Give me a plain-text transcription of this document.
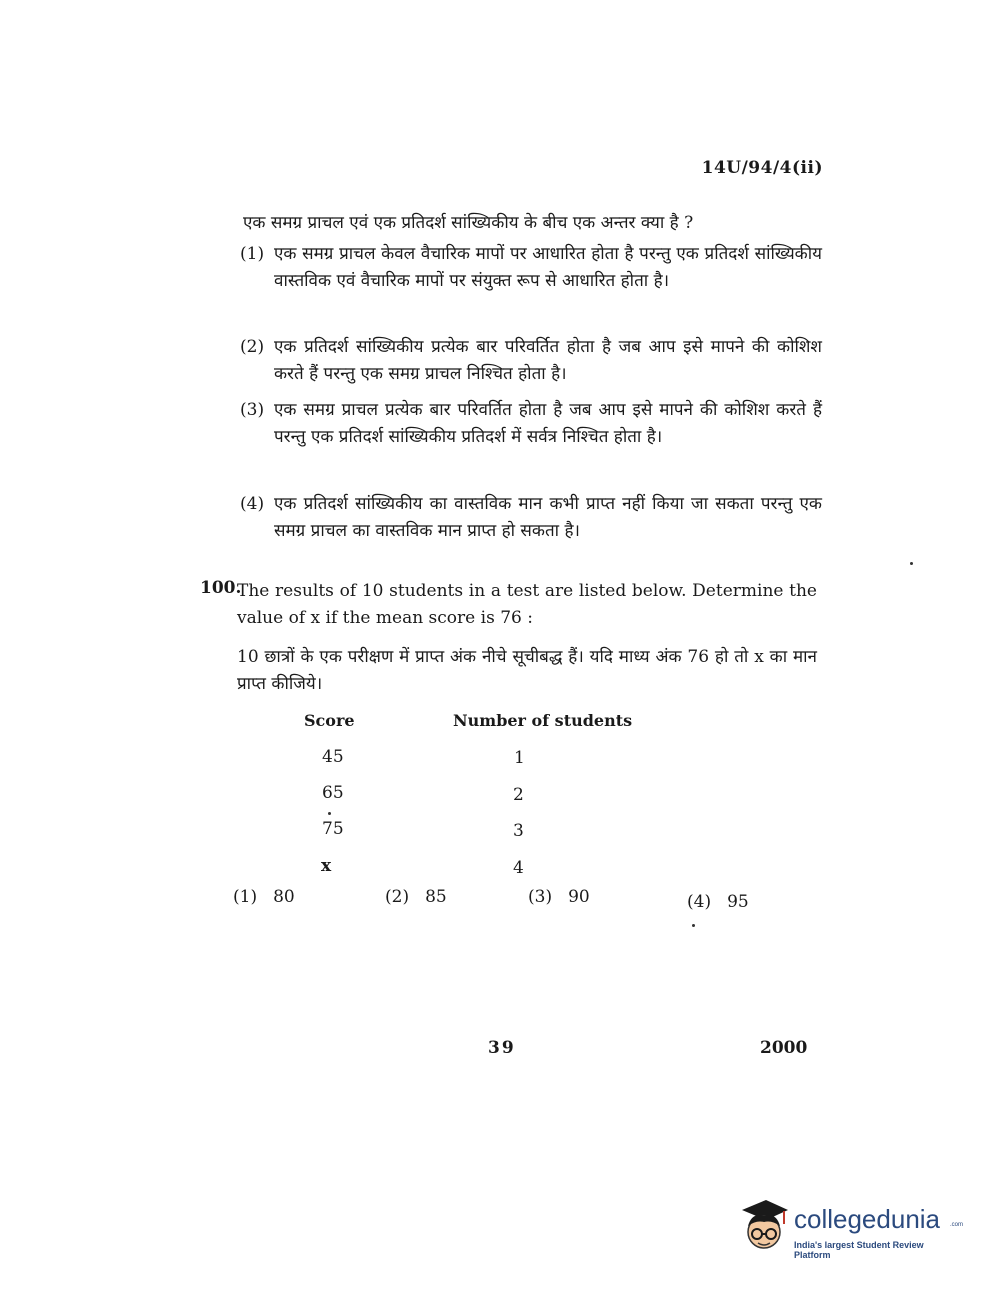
14U/94/4(ii)
एक समग्र प्राचल एवं एक प्रतिदर्श सांख्यिकीय के बीच एक अन्तर क्या है ?
(1) एक समग्र प्राचल केवल वैचारिक मापों पर आधारित होता है परन्तु एक प्रतिदर्श सांख्यिकीय वास्तविक एवं वैचारिक मापों पर संयुक्त रूप से आधारित होता है।
(2) एक प्रतिदर्श सांख्यिकीय प्रत्येक बार परिवर्तित होता है जब आप इसे मापने की कोशिश करते हैं परन्तु एक समग्र प्राचल निश्चित होता है।
(3) एक समग्र प्राचल प्रत्येक बार परिवर्तित होता है जब आप इसे मापने की कोशिश करते हैं परन्तु एक प्रतिदर्श सांख्यिकीय प्रतिदर्श में सर्वत्र निश्चित होता है।
(4) एक प्रतिदर्श सांख्यिकीय का वास्तविक मान कभी प्राप्त नहीं किया जा सकता परन्तु एक समग्र प्राचल का वास्तविक मान प्राप्त हो सकता है।
100.
The results of 10 students in a test are listed below. Determine the value of x if the mean score is 76 :
10 छात्रों के एक परीक्षण में प्राप्त अंक नीचे सूचीबद्ध हैं। यदि माध्य अंक 76 हो तो x का मान प्राप्त कीजिये।
Score	Number of students
45	1
65	2
75	3
x	4
(1) 80	(2) 85	(3) 90	(4) 95
39	2000
collegedunia .com
India's largest Student Review Platform
